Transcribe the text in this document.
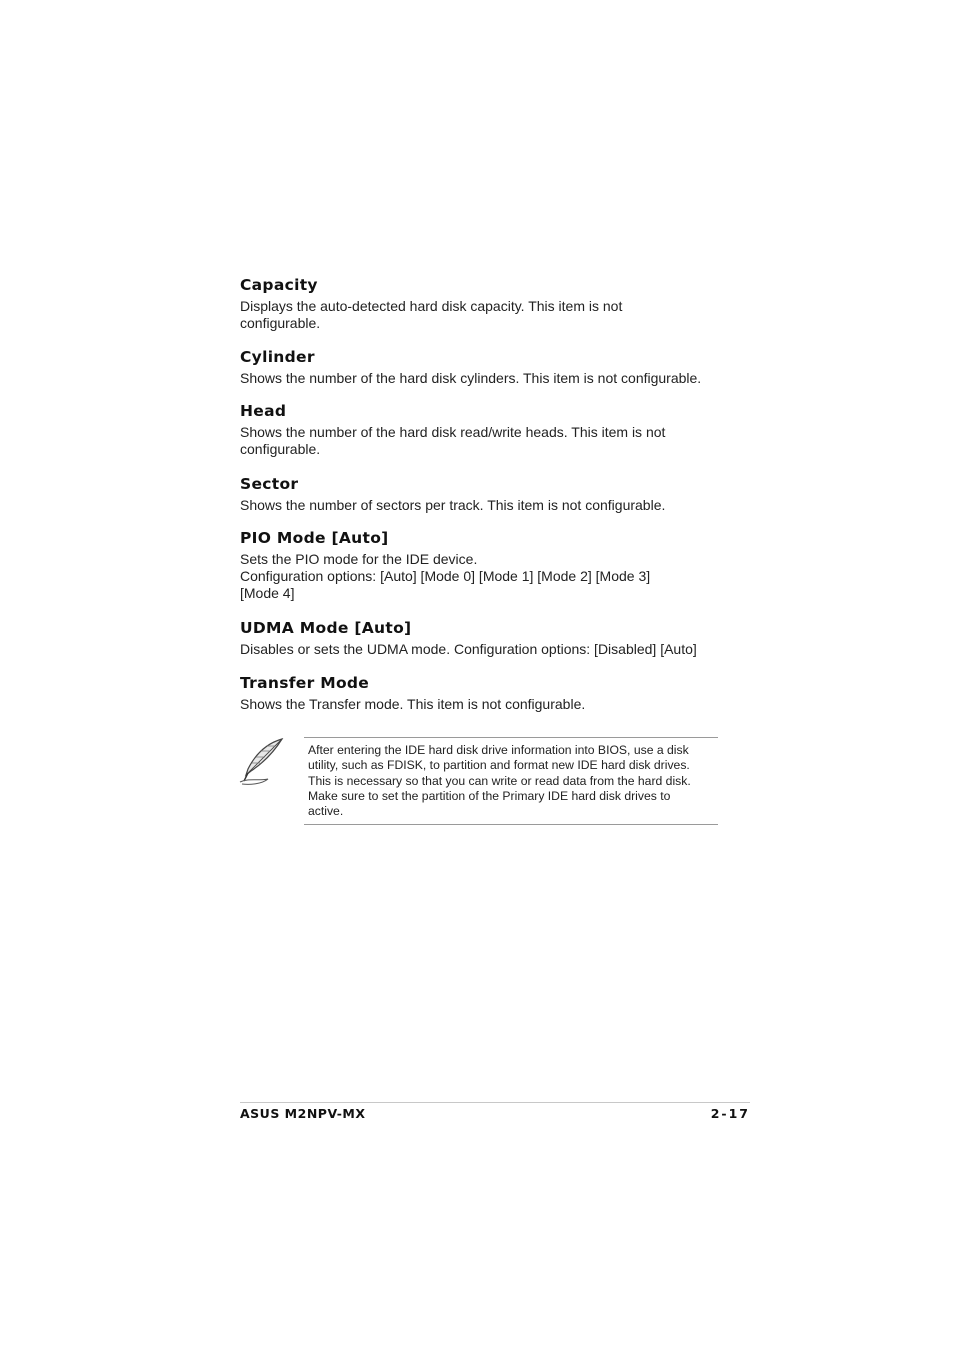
Capacity

Displays the auto-detected hard disk capacity. This item is not
configurable.

Cylinder

Shows the number of the hard disk cylinders. This item is not configurable.

Head

Shows the number of the hard disk read/write heads. This item is not
configurable.

Sector

Shows the number of sectors per track. This item is not configurable.

PIO Mode [Auto]

Sets the PIO mode for the IDE device.
Configuration options: [Auto] [Mode 0] [Mode 1] [Mode 2] [Mode 3]
[Mode 4]

UDMA Mode [Auto]

Disables or sets the UDMA mode. Configuration options: [Disabled] [Auto]

Transfer Mode

Shows the Transfer mode. This item is not configurable.

After entering the IDE hard disk drive information into BIOS, use a disk
utility, such as FDISK, to partition and format new IDE hard disk drives.
This is necessary so that you can write or read data from the hard disk.
Make sure to set the partition of the Primary IDE hard disk drives to
active.

ASUS M2NPV-MX	2-17
